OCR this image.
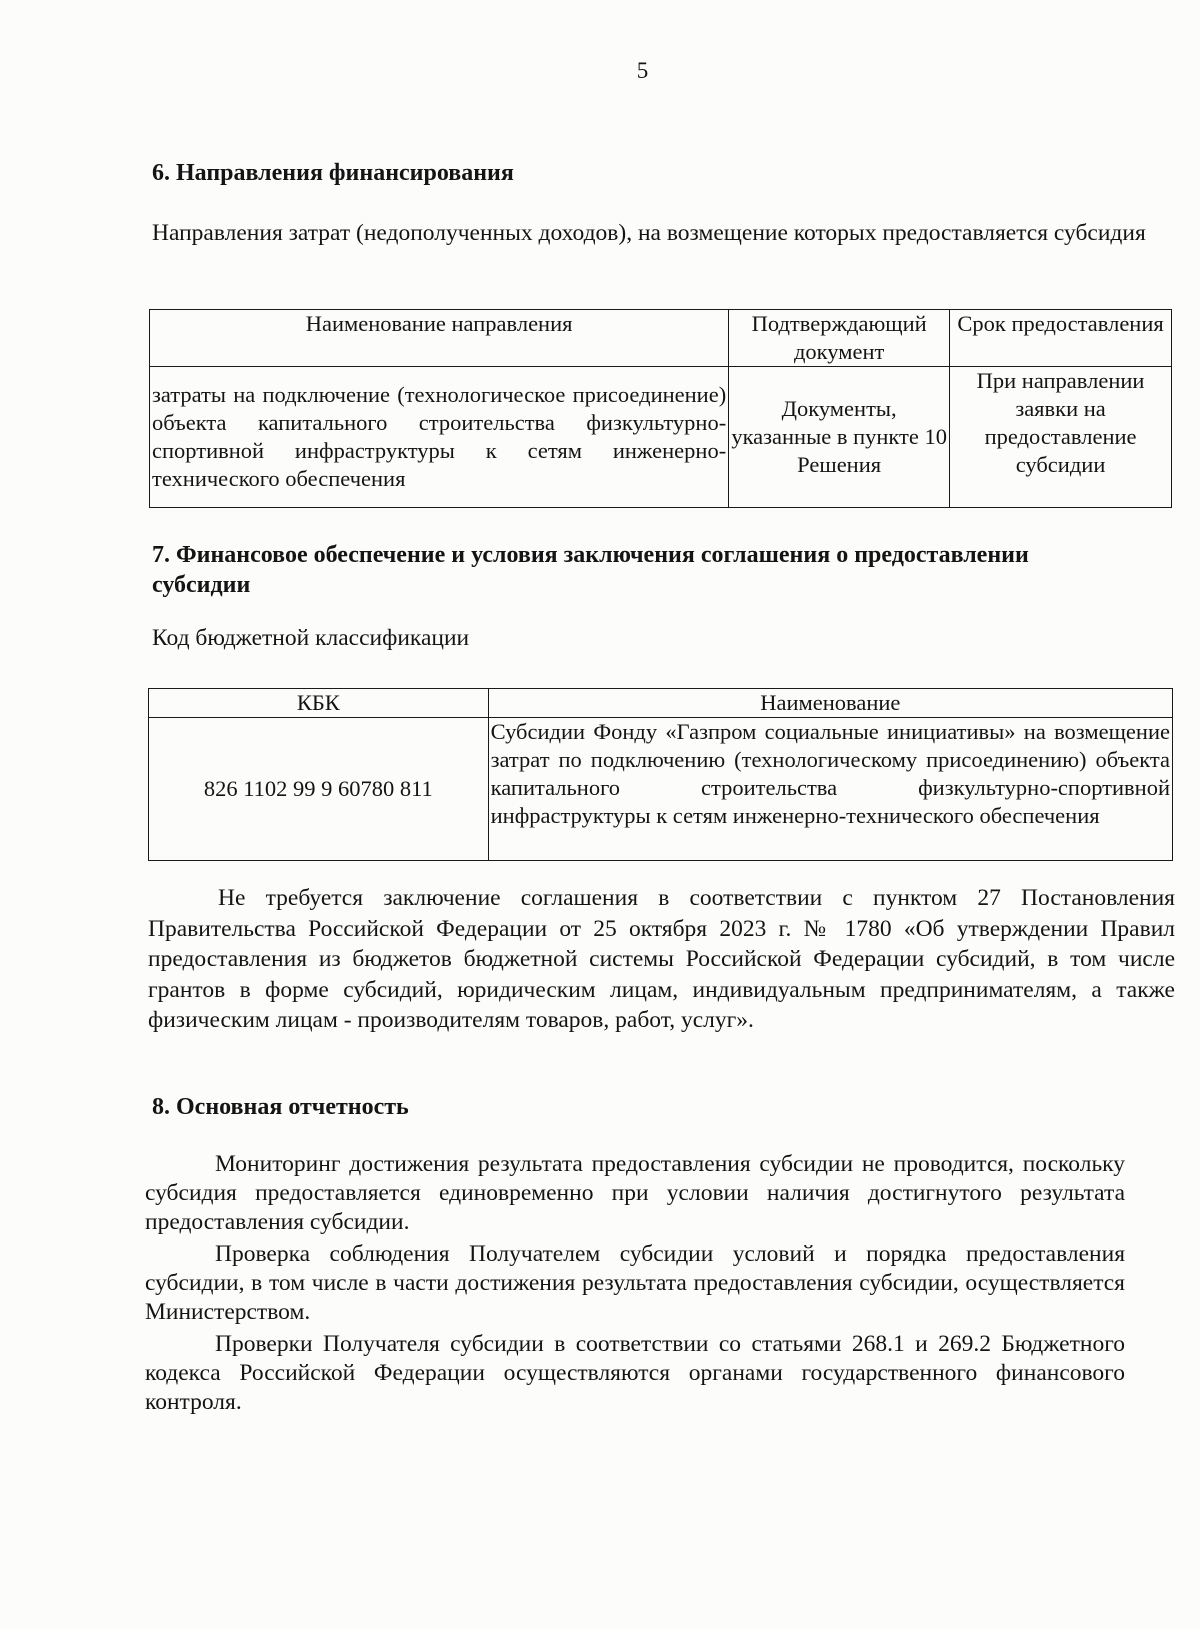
5
6. Направления финансирования

Направления затрат (недополученных доходов), на возмещение которых предоставляется субсидия

Наименование направления	Подтверждающий документ	Срок предоставления
затраты на подключение (технологическое присоединение) объекта капитального строительства физкультурно-спортивной инфраструктуры к сетям инженерно-технического обеспечения	Документы, указанные в пункте 10 Решения	При направлении заявки на предоставление субсидии
7. Финансовое обеспечение и условия заключения соглашения о предоставлении субсидии

Код бюджетной классификации

КБК	Наименование
826 1102 99 9 60780 811	Субсидии Фонду «Газпром социальные инициативы» на возмещение затрат по подключению (технологическому присоединению) объекта капитального строительства физкультурно-спортивной инфраструктуры к сетям инженерно-технического обеспечения

Не требуется заключение соглашения в соответствии с пунктом 27 Постановления Правительства Российской Федерации от 25 октября 2023 г. № 1780 «Об утверждении Правил предоставления из бюджетов бюджетной системы Российской Федерации субсидий, в том числе грантов в форме субсидий, юридическим лицам, индивидуальным предпринимателям, а также физическим лицам - производителям товаров, работ, услуг».

8. Основная отчетность

Мониторинг достижения результата предоставления субсидии не проводится, поскольку субсидия предоставляется единовременно при условии наличия достигнутого результата предоставления субсидии.

Проверка соблюдения Получателем субсидии условий и порядка предоставления субсидии, в том числе в части достижения результата предоставления субсидии, осуществляется Министерством.

Проверки Получателя субсидии в соответствии со статьями 268.1 и 269.2 Бюджетного кодекса Российской Федерации осуществляются органами государственного финансового контроля.
